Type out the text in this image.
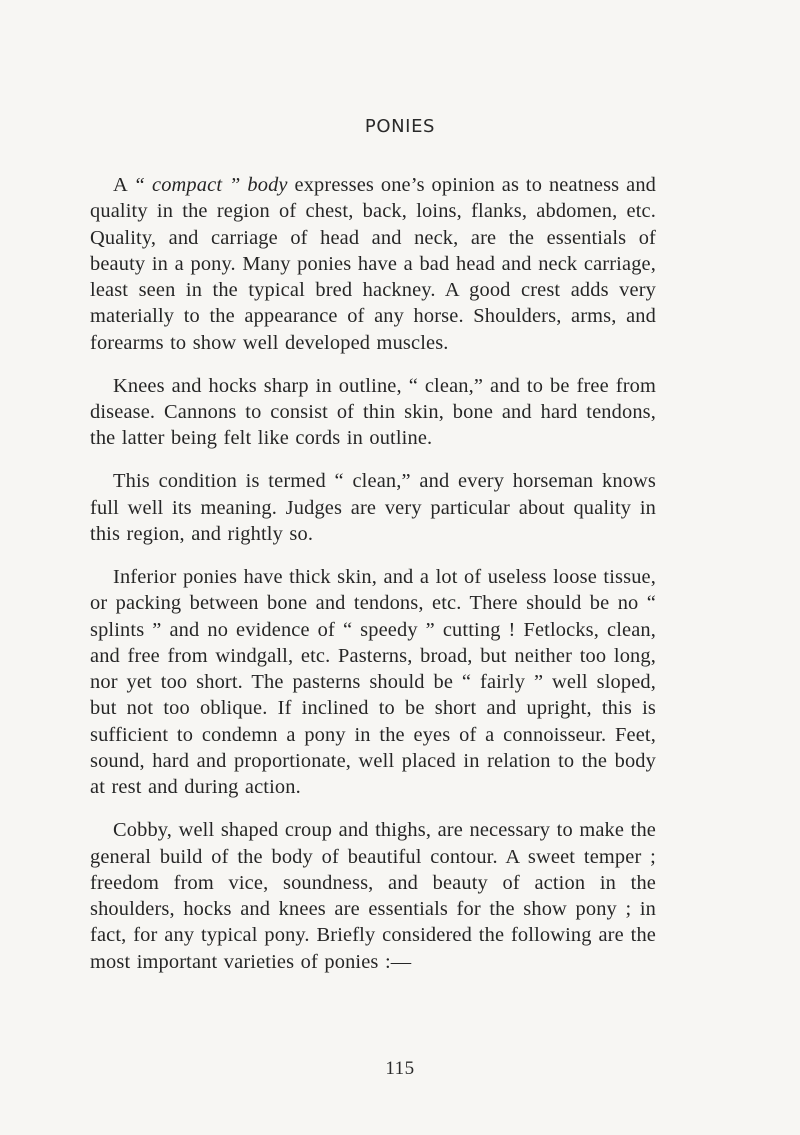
PONIES

A “ compact ” body expresses one’s opinion as to neatness and quality in the region of chest, back, loins, flanks, abdomen, etc. Quality, and carriage of head and neck, are the essentials of beauty in a pony. Many ponies have a bad head and neck carriage, least seen in the typical bred hackney. A good crest adds very materially to the appearance of any horse. Shoulders, arms, and forearms to show well developed muscles.

Knees and hocks sharp in outline, “ clean,” and to be free from disease. Cannons to consist of thin skin, bone and hard tendons, the latter being felt like cords in outline.

This condition is termed “ clean,” and every horseman knows full well its meaning. Judges are very particular about quality in this region, and rightly so.

Inferior ponies have thick skin, and a lot of useless loose tissue, or packing between bone and tendons, etc. There should be no “ splints ” and no evidence of “ speedy ” cutting ! Fetlocks, clean, and free from windgall, etc. Pasterns, broad, but neither too long, nor yet too short. The pasterns should be “ fairly ” well sloped, but not too oblique. If inclined to be short and upright, this is sufficient to condemn a pony in the eyes of a connoisseur. Feet, sound, hard and proportionate, well placed in relation to the body at rest and during action.

Cobby, well shaped croup and thighs, are necessary to make the general build of the body of beautiful contour. A sweet temper ; freedom from vice, soundness, and beauty of action in the shoulders, hocks and knees are essentials for the show pony ; in fact, for any typical pony. Briefly considered the following are the most important varieties of ponies :—

115
